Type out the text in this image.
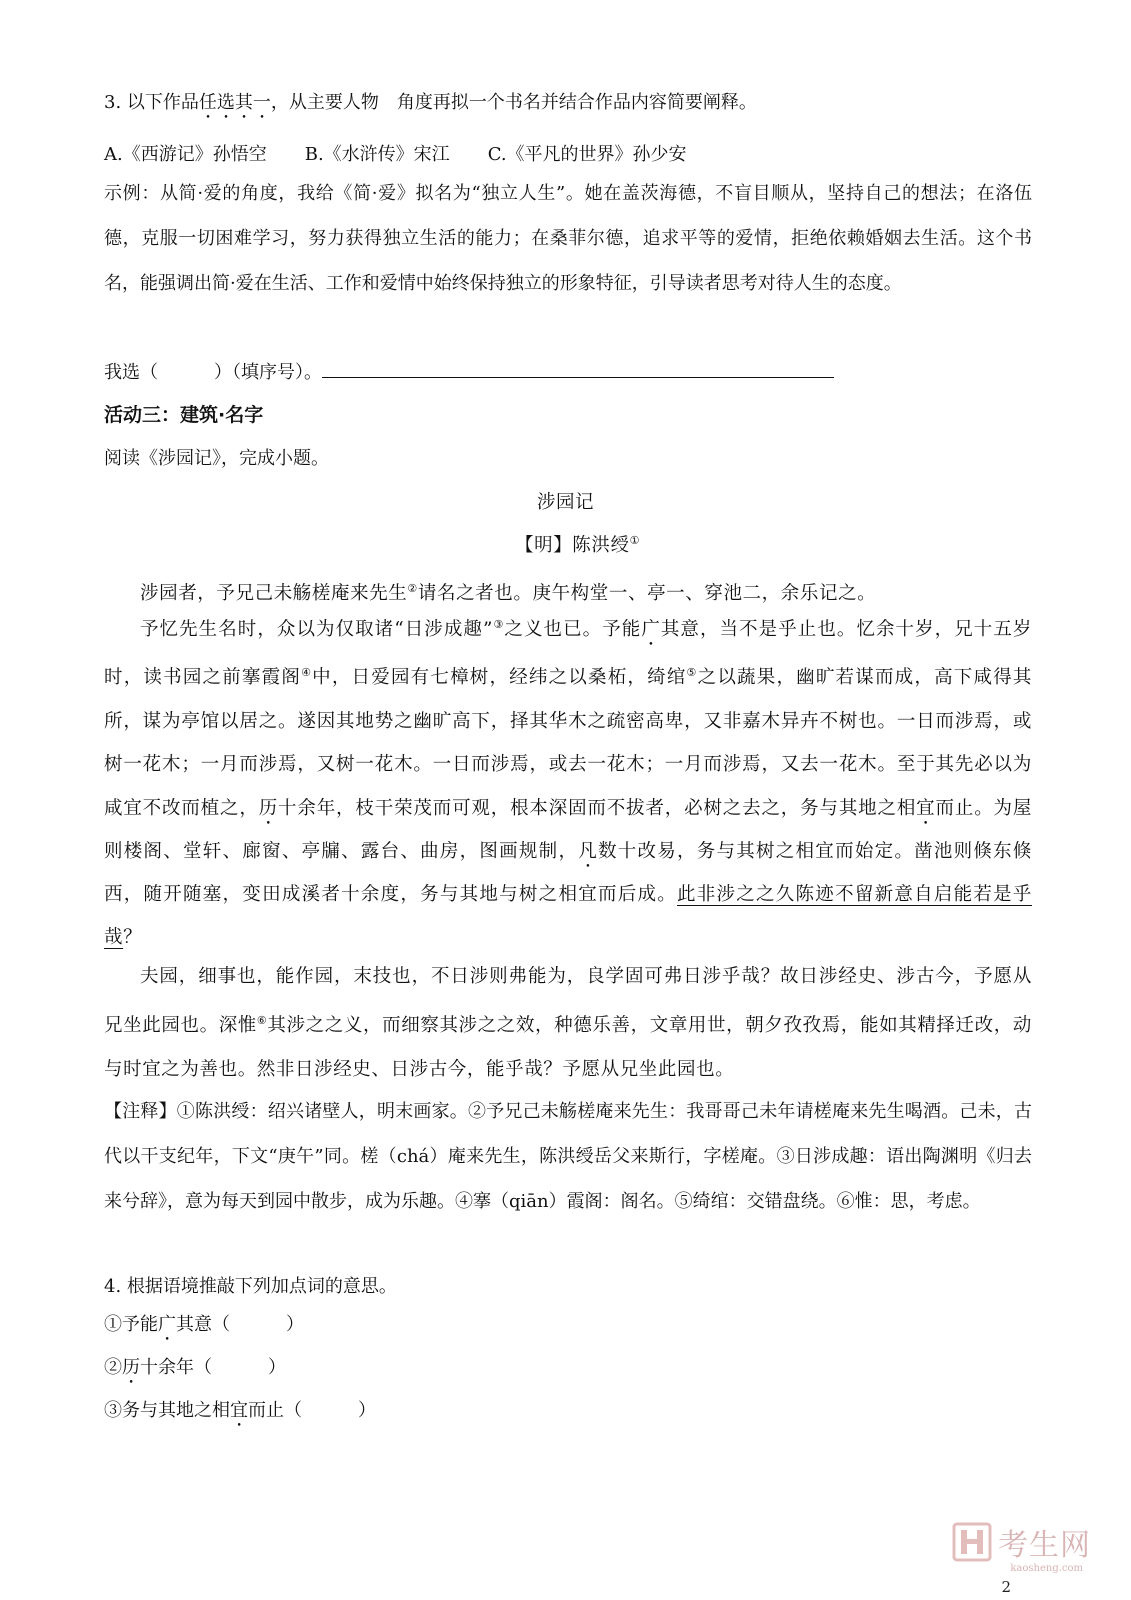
3. 以下作品任选其一，从主要人物　角度再拟一个书名并结合作品内容简要阐释。
A.《西游记》孙悟空 B.《水浒传》宋江 C.《平凡的世界》孙少安
示例：从简·爱的角度，我给《简·爱》拟名为“独立人生”。她在盖茨海德，不盲目顺从，坚持自己的想法；在洛伍德，克服一切困难学习，努力获得独立生活的能力；在桑菲尔德，追求平等的爱情，拒绝依赖婚姻去生活。这个书名，能强调出简·爱在生活、工作和爱情中始终保持独立的形象特征，引导读者思考对待人生的态度。
我选（	）（填序号）。
活动三：建筑·名字
阅读《涉园记》，完成小题。
涉园记
【明】陈洪绶①
涉园者，予兄己未觞槎庵来先生②请名之者也。庚午构堂一、亭一、穿池二，余乐记之。
予忆先生名时，众以为仅取诸“日涉成趣”③之义也已。予能广其意，当不是乎止也。忆余十岁，兄十五岁时，读书园之前搴霞阁④中，日爱园有七樟树，经纬之以桑柘，绮绾⑤之以蔬果，幽旷若谋而成，高下咸得其所，谋为亭馆以居之。遂因其地势之幽旷高下，择其华木之疏密高卑，又非嘉木异卉不树也。一日而涉焉，或树一花木；一月而涉焉，又树一花木。一日而涉焉，或去一花木；一月而涉焉，又去一花木。至于其先必以为咸宜不改而植之，历十余年，枝干荣茂而可观，根本深固而不拔者，必树之去之，务与其地之相宜而止。为屋则楼阁、堂轩、廊窗、亭牖、露台、曲房，图画规制，凡数十改易，务与其树之相宜而始定。凿池则倏东倏西，随开随塞，变田成溪者十余度，务与其地与树之相宜而后成。此非涉之之久陈迹不留新意自启能若是乎哉？
夫园，细事也，能作园，末技也，不日涉则弗能为，良学固可弗日涉乎哉？故日涉经史、涉古今，予愿从兄坐此园也。深惟⑥其涉之之义，而细察其涉之之效，种德乐善，文章用世，朝夕孜孜焉，能如其精择迁改，动与时宜之为善也。然非日涉经史、日涉古今，能乎哉？予愿从兄坐此园也。
【注释】①陈洪绶：绍兴诸壁人，明末画家。②予兄己未觞槎庵来先生：我哥哥己未年请槎庵来先生喝酒。己未，古代以干支纪年，下文“庚午”同。槎（chá）庵来先生，陈洪绶岳父来斯行，字槎庵。③日涉成趣：语出陶渊明《归去来兮辞》，意为每天到园中散步，成为乐趣。④搴（qiān）霞阁：阁名。⑤绮绾：交错盘绕。⑥惟：思，考虑。
4. 根据语境推敲下列加点词的意思。
①予能广其意（	）
②历十余年（	）
③务与其地之相宜而止（	）
考生网
kaosheng.com
2
